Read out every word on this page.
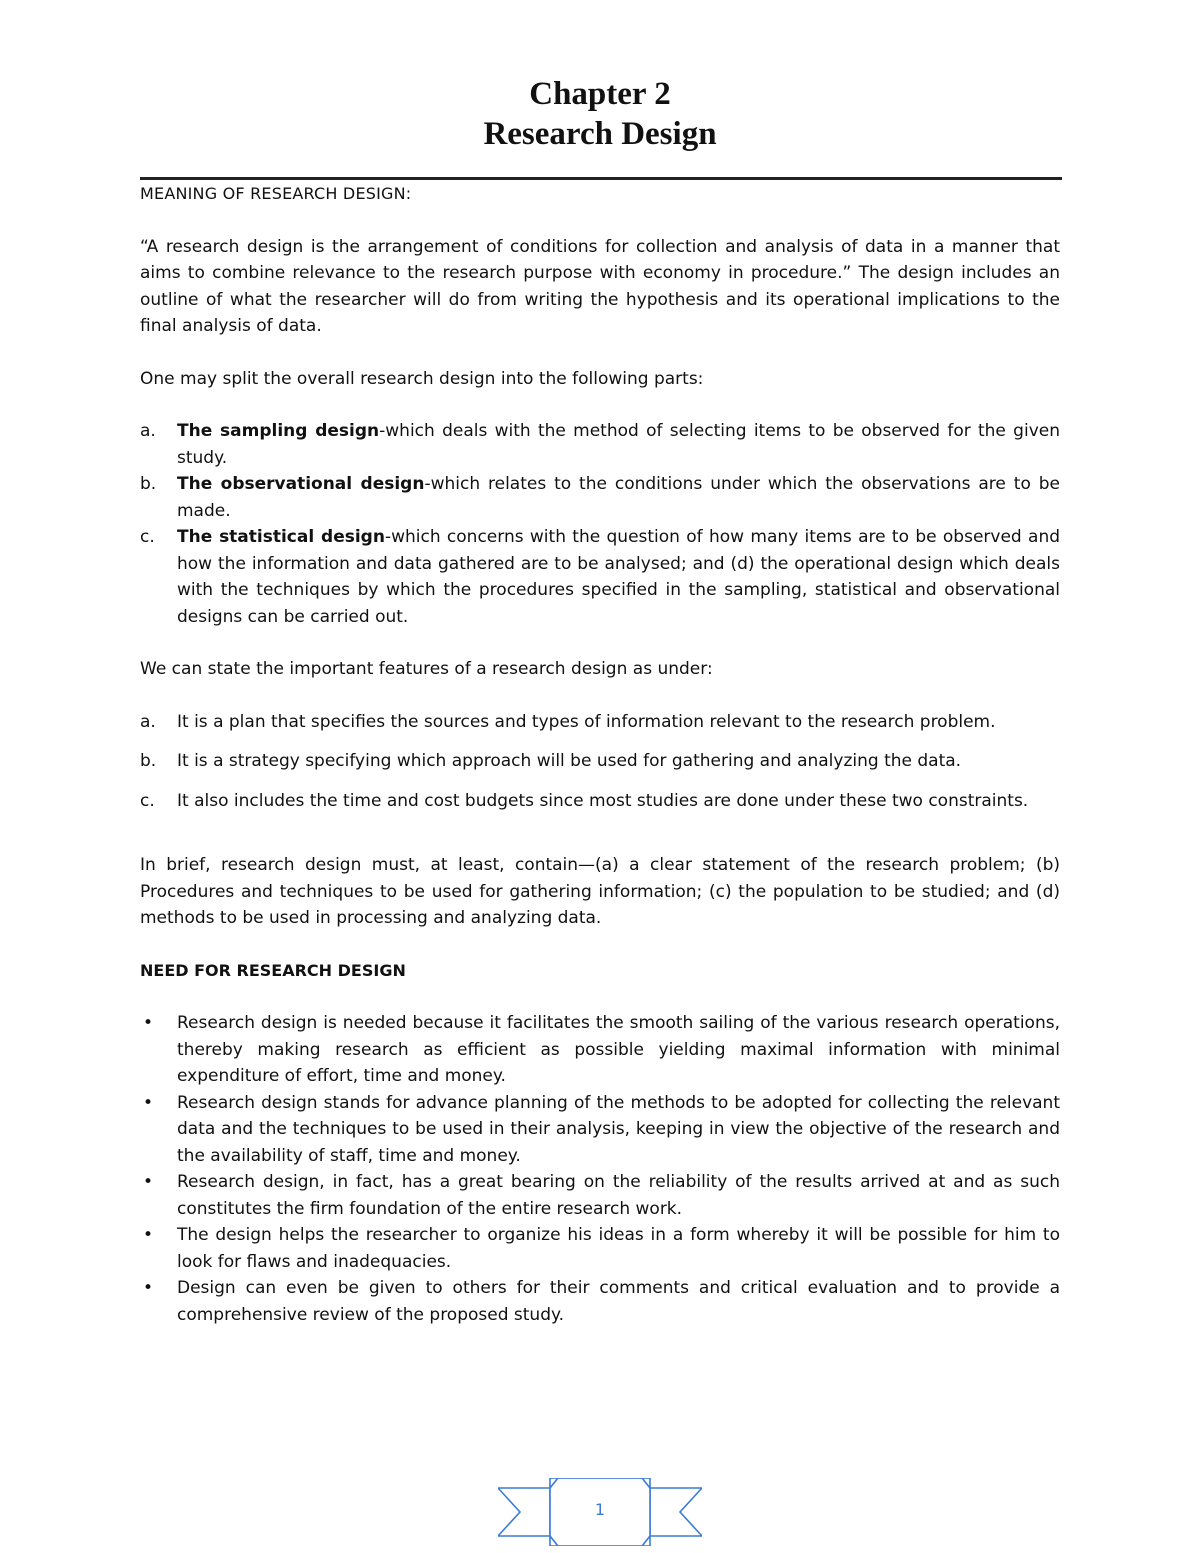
Chapter 2
Research Design

MEANING OF RESEARCH DESIGN:

“A research design is the arrangement of conditions for collection and analysis of data in a manner that aims to combine relevance to the research purpose with economy in procedure.” The design includes an outline of what the researcher will do from writing the hypothesis and its operational implications to the final analysis of data.

One may split the overall research design into the following parts:

a. The sampling design-which deals with the method of selecting items to be observed for the given study.
b. The observational design-which relates to the conditions under which the observations are to be made.
c. The statistical design-which concerns with the question of how many items are to be observed and how the information and data gathered are to be analysed; and (d) the operational design which deals with the techniques by which the procedures specified in the sampling, statistical and observational designs can be carried out.

We can state the important features of a research design as under:

a. It is a plan that specifies the sources and types of information relevant to the research problem.
b. It is a strategy specifying which approach will be used for gathering and analyzing the data.
c. It also includes the time and cost budgets since most studies are done under these two constraints.

In brief, research design must, at least, contain—(a) a clear statement of the research problem; (b) Procedures and techniques to be used for gathering information; (c) the population to be studied; and (d) methods to be used in processing and analyzing data.

NEED FOR RESEARCH DESIGN

• Research design is needed because it facilitates the smooth sailing of the various research operations, thereby making research as efficient as possible yielding maximal information with minimal expenditure of effort, time and money.
• Research design stands for advance planning of the methods to be adopted for collecting the relevant data and the techniques to be used in their analysis, keeping in view the objective of the research and the availability of staff, time and money.
• Research design, in fact, has a great bearing on the reliability of the results arrived at and as such constitutes the firm foundation of the entire research work.
• The design helps the researcher to organize his ideas in a form whereby it will be possible for him to look for flaws and inadequacies.
• Design can even be given to others for their comments and critical evaluation and to provide a comprehensive review of the proposed study.
1
